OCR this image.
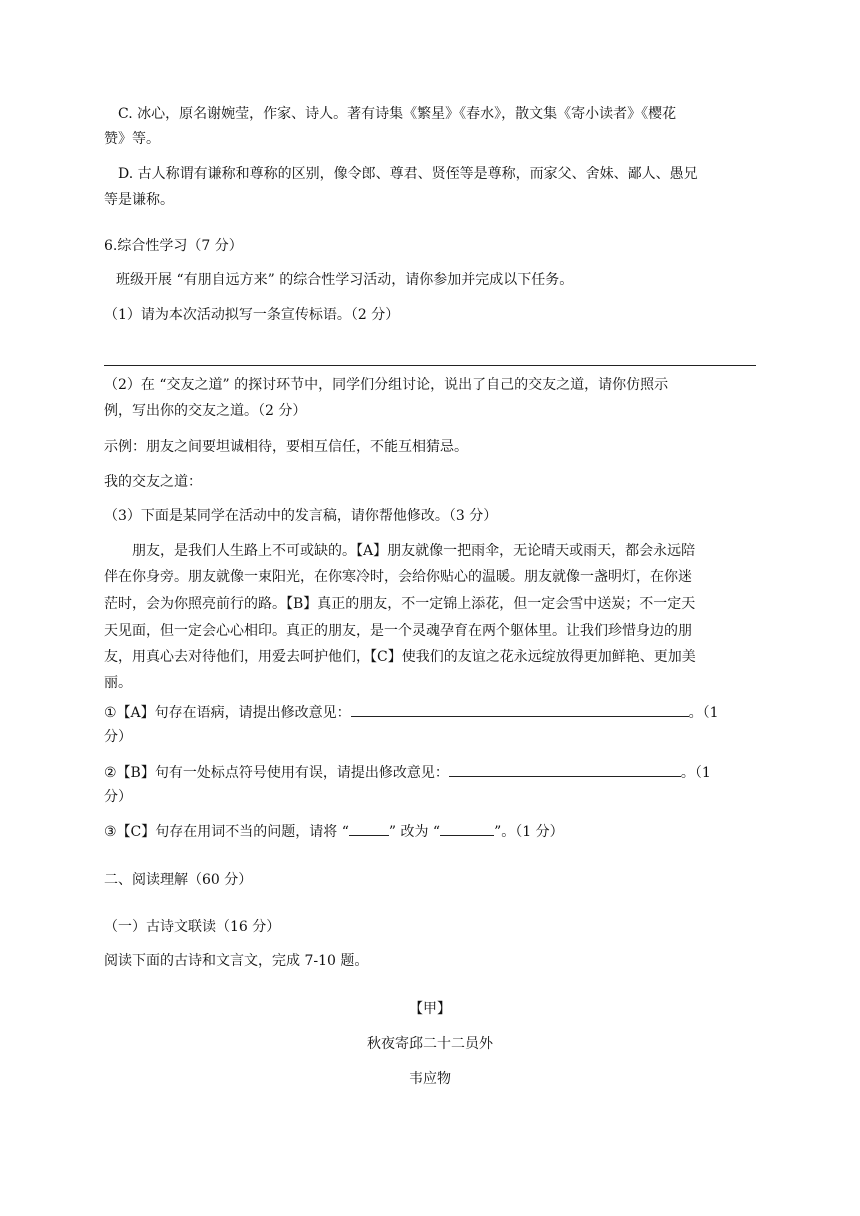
C. 冰心，原名谢婉莹，作家、诗人。著有诗集《繁星》《春水》，散文集《寄小读者》《樱花
赞》等。
D. 古人称谓有谦称和尊称的区别，像令郎、尊君、贤侄等是尊称，而家父、舍妹、鄙人、愚兄
等是谦称。
6.综合性学习（7 分）
班级开展 “有朋自远方来” 的综合性学习活动，请你参加并完成以下任务。
（1）请为本次活动拟写一条宣传标语。（2 分）
（2）在 “交友之道” 的探讨环节中，同学们分组讨论，说出了自己的交友之道，请你仿照示
例，写出你的交友之道。（2 分）
示例：朋友之间要坦诚相待，要相互信任，不能互相猜忌。
我的交友之道：
（3）下面是某同学在活动中的发言稿，请你帮他修改。（3 分）
朋友，是我们人生路上不可或缺的。【A】朋友就像一把雨伞，无论晴天或雨天，都会永远陪
伴在你身旁。朋友就像一束阳光，在你寒冷时，会给你贴心的温暖。朋友就像一盏明灯，在你迷
茫时，会为你照亮前行的路。【B】真正的朋友，不一定锦上添花，但一定会雪中送炭；不一定天
天见面，但一定会心心相印。真正的朋友，是一个灵魂孕育在两个躯体里。让我们珍惜身边的朋
友，用真心去对待他们，用爱去呵护他们，【C】使我们的友谊之花永远绽放得更加鲜艳、更加美
丽。
①【A】句存在语病，请提出修改意见：	。（1
分）
②【B】句有一处标点符号使用有误，请提出修改意见：	。（1
分）
③【C】句存在用词不当的问题，请将 “	” 改为 “	”。（1 分）
二、阅读理解（60 分）
（一）古诗文联读（16 分）
阅读下面的古诗和文言文，完成 7-10 题。
【甲】
秋夜寄邱二十二员外
韦应物
